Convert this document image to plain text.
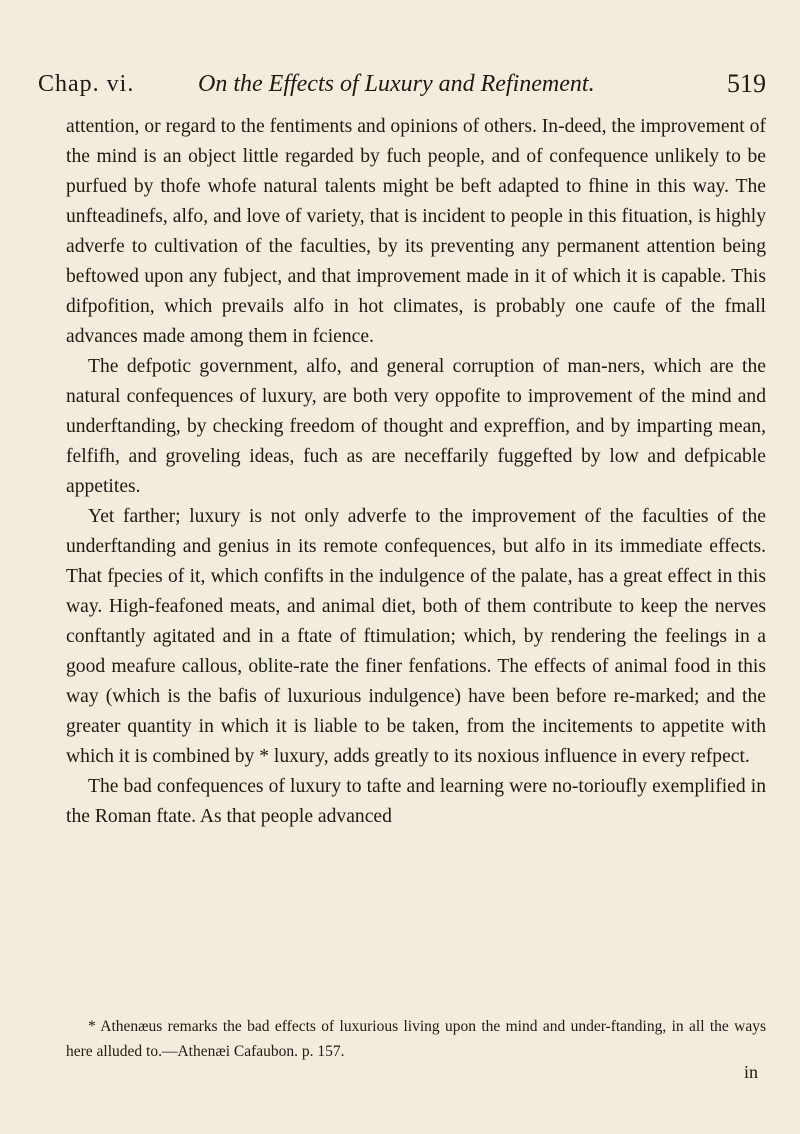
Chap. vi.	On the Effects of Luxury and Refinement.	519

attention, or regard to the fentiments and opinions of others. In-deed, the improvement of the mind is an object little regarded by fuch people, and of confequence unlikely to be purfued by thofe whofe natural talents might be beft adapted to fhine in this way. The unfteadinefs, alfo, and love of variety, that is incident to people in this fituation, is highly adverfe to cultivation of the faculties, by its preventing any permanent attention being beftowed upon any fubject, and that improvement made in it of which it is capable. This difpofition, which prevails alfo in hot climates, is probably one caufe of the fmall advances made among them in fcience.

The defpotic government, alfo, and general corruption of man-ners, which are the natural confequences of luxury, are both very oppofite to improvement of the mind and underftanding, by checking freedom of thought and expreffion, and by imparting mean, felfifh, and groveling ideas, fuch as are neceffarily fuggefted by low and defpicable appetites.

Yet farther; luxury is not only adverfe to the improvement of the faculties of the underftanding and genius in its remote confequences, but alfo in its immediate effects. That fpecies of it, which confifts in the indulgence of the palate, has a great effect in this way. High-feafoned meats, and animal diet, both of them contribute to keep the nerves conftantly agitated and in a ftate of ftimulation; which, by rendering the feelings in a good meafure callous, oblite-rate the finer fenfations. The effects of animal food in this way (which is the bafis of luxurious indulgence) have been before re-marked; and the greater quantity in which it is liable to be taken, from the incitements to appetite with which it is combined by * luxury, adds greatly to its noxious influence in every refpect.

The bad confequences of luxury to tafte and learning were no-torioufly exemplified in the Roman ftate. As that people advanced

* Athenæus remarks the bad effects of luxurious living upon the mind and under-ftanding, in all the ways here alluded to.—Athenæi Cafaubon. p. 157.

in
